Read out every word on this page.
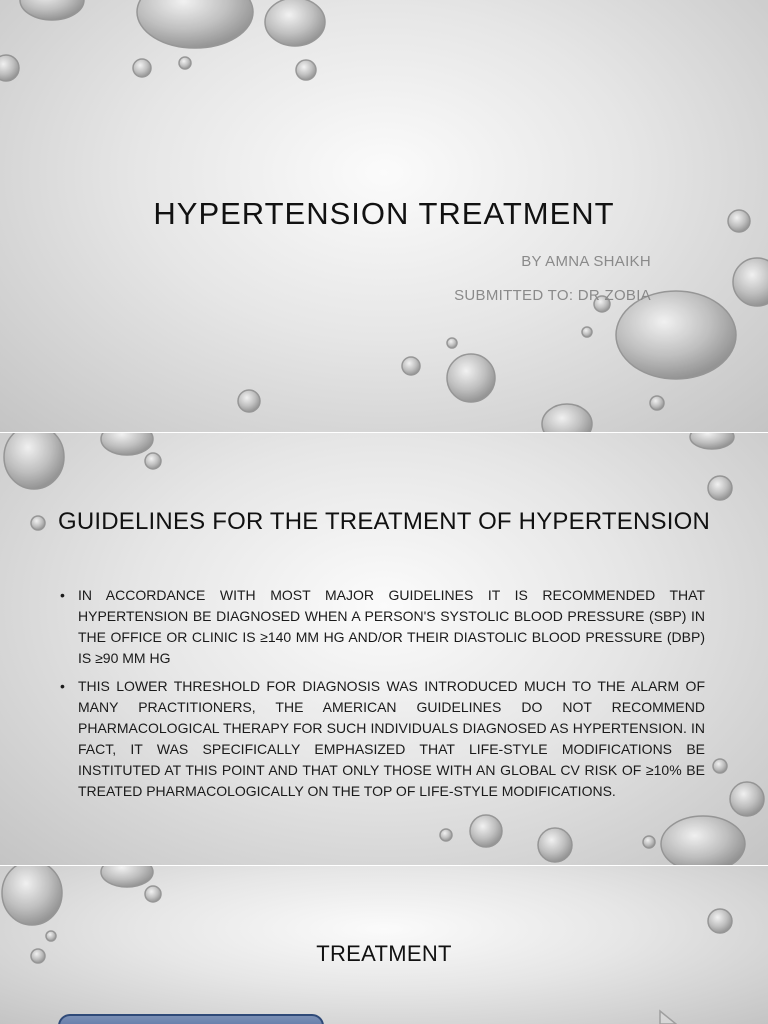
HYPERTENSION TREATMENT
BY AMNA SHAIKH
SUBMITTED TO: DR ZOBIA
GUIDELINES FOR THE TREATMENT OF HYPERTENSION
• IN ACCORDANCE WITH MOST MAJOR GUIDELINES IT IS RECOMMENDED THAT HYPERTENSION BE DIAGNOSED WHEN A PERSON'S SYSTOLIC BLOOD PRESSURE (SBP) IN THE OFFICE OR CLINIC IS ≥140 MM HG AND/OR THEIR DIASTOLIC BLOOD PRESSURE (DBP) IS ≥90 MM HG
• THIS LOWER THRESHOLD FOR DIAGNOSIS WAS INTRODUCED MUCH TO THE ALARM OF MANY PRACTITIONERS, THE AMERICAN GUIDELINES DO NOT RECOMMEND PHARMACOLOGICAL THERAPY FOR SUCH INDIVIDUALS DIAGNOSED AS HYPERTENSION. IN FACT, IT WAS SPECIFICALLY EMPHASIZED THAT LIFE-STYLE MODIFICATIONS BE INSTITUTED AT THIS POINT AND THAT ONLY THOSE WITH AN GLOBAL CV RISK OF ≥10% BE TREATED PHARMACOLOGICALLY ON THE TOP OF LIFE-STYLE MODIFICATIONS.
TREATMENT
